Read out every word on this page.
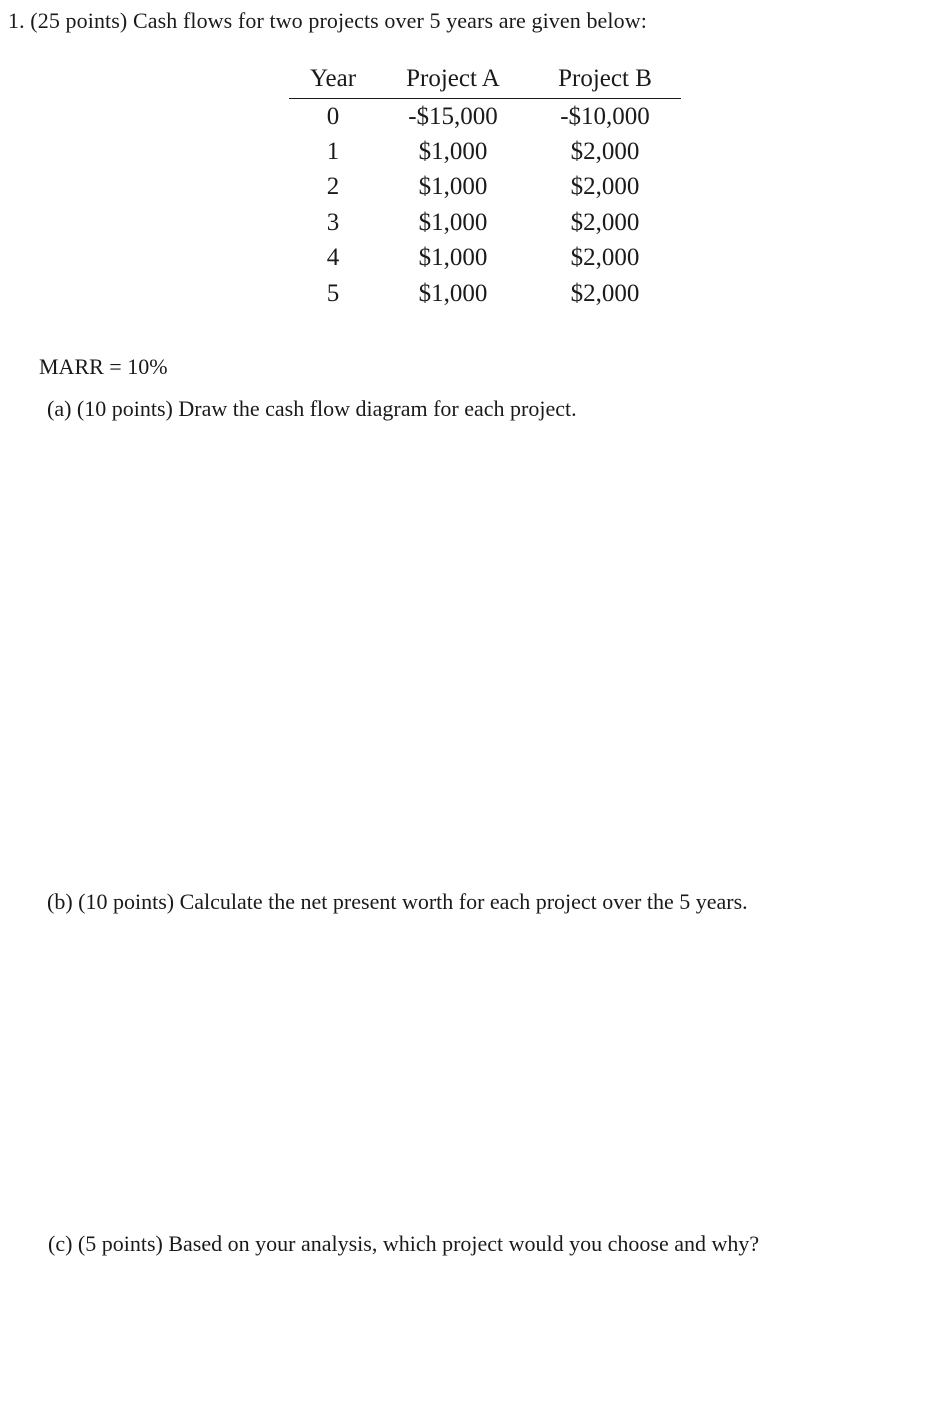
1. (25 points) Cash flows for two projects over 5 years are given below:
Year	Project A	Project B
0	-$15,000	-$10,000
1	$1,000	$2,000
2	$1,000	$2,000
3	$1,000	$2,000
4	$1,000	$2,000
5	$1,000	$2,000
MARR = 10%
(a) (10 points) Draw the cash flow diagram for each project.
(b) (10 points) Calculate the net present worth for each project over the 5 years.
(c) (5 points) Based on your analysis, which project would you choose and why?
